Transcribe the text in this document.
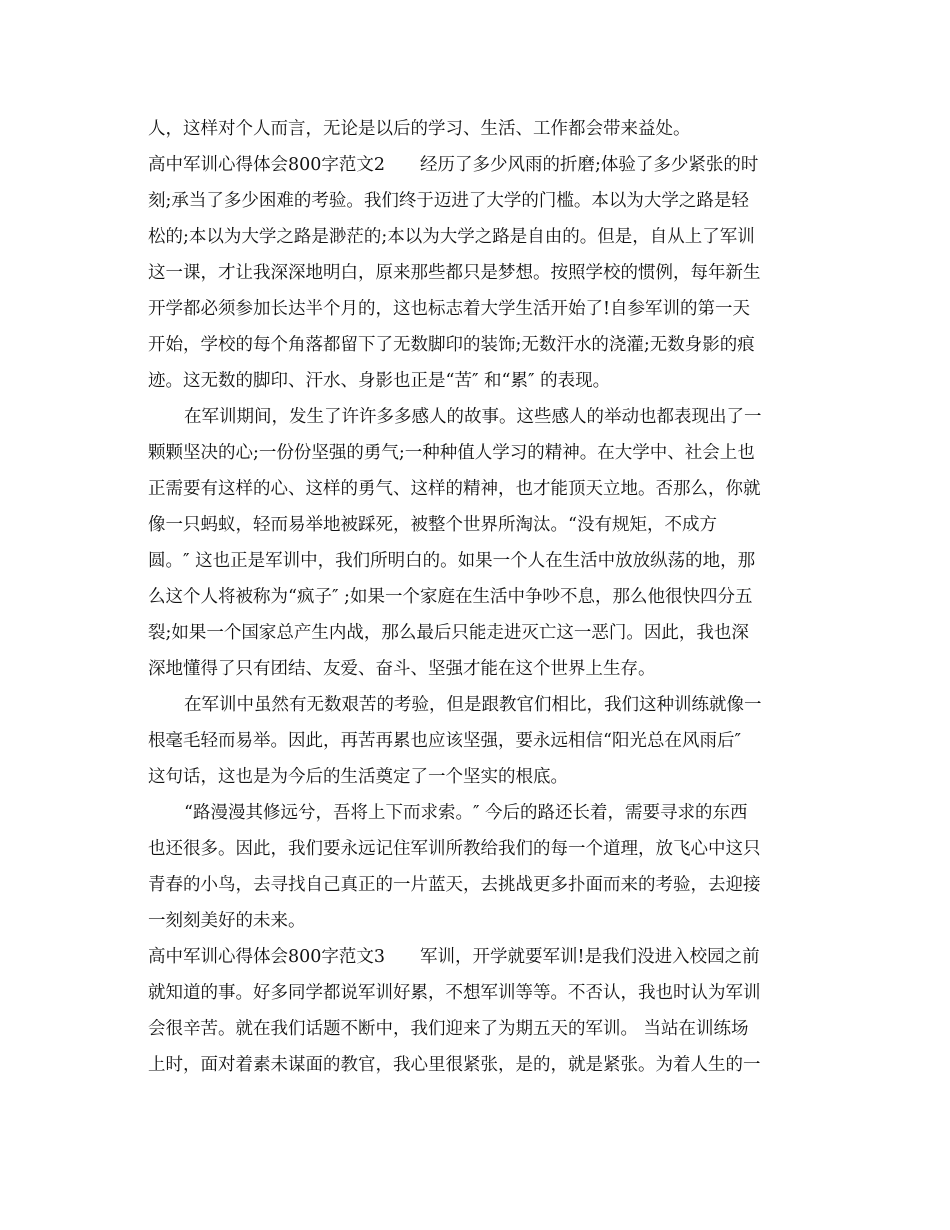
人，这样对个人而言，无论是以后的学习、生活、工作都会带来益处。
高中军训心得体会800字范文2　　经历了多少风雨的折磨;体验了多少紧张的时
刻;承当了多少困难的考验。我们终于迈进了大学的门槛。本以为大学之路是轻
松的;本以为大学之路是渺茫的;本以为大学之路是自由的。但是，自从上了军训
这一课，才让我深深地明白，原来那些都只是梦想。按照学校的惯例，每年新生
开学都必须参加长达半个月的，这也标志着大学生活开始了!自参军训的第一天
开始，学校的每个角落都留下了无数脚印的装饰;无数汗水的浇灌;无数身影的痕
迹。这无数的脚印、汗水、身影也正是“苦″ 和“累″ 的表现。
在军训期间，发生了许许多多感人的故事。这些感人的举动也都表现出了一
颗颗坚决的心;一份份坚强的勇气;一种种值人学习的精神。在大学中、社会上也
正需要有这样的心、这样的勇气、这样的精神，也才能顶天立地。否那么，你就
像一只蚂蚁，轻而易举地被踩死，被整个世界所淘汰。“没有规矩，不成方
圆。″ 这也正是军训中，我们所明白的。如果一个人在生活中放放纵荡的地，那
么这个人将被称为“疯子″ ;如果一个家庭在生活中争吵不息，那么他很快四分五
裂;如果一个国家总产生内战，那么最后只能走进灭亡这一恶门。因此，我也深
深地懂得了只有团结、友爱、奋斗、坚强才能在这个世界上生存。
在军训中虽然有无数艰苦的考验，但是跟教官们相比，我们这种训练就像一
根毫毛轻而易举。因此，再苦再累也应该坚强，要永远相信“阳光总在风雨后″
这句话，这也是为今后的生活奠定了一个坚实的根底。
“路漫漫其修远兮，吾将上下而求索。″ 今后的路还长着，需要寻求的东西
也还很多。因此，我们要永远记住军训所教给我们的每一个道理，放飞心中这只
青春的小鸟，去寻找自己真正的一片蓝天，去挑战更多扑面而来的考验，去迎接
一刻刻美好的未来。
高中军训心得体会800字范文3　　军训，开学就要军训!是我们没进入校园之前
就知道的事。好多同学都说军训好累，不想军训等等。不否认，我也时认为军训
会很辛苦。就在我们话题不断中，我们迎来了为期五天的军训。 当站在训练场
上时，面对着素未谋面的教官，我心里很紧张，是的，就是紧张。为着人生的一
